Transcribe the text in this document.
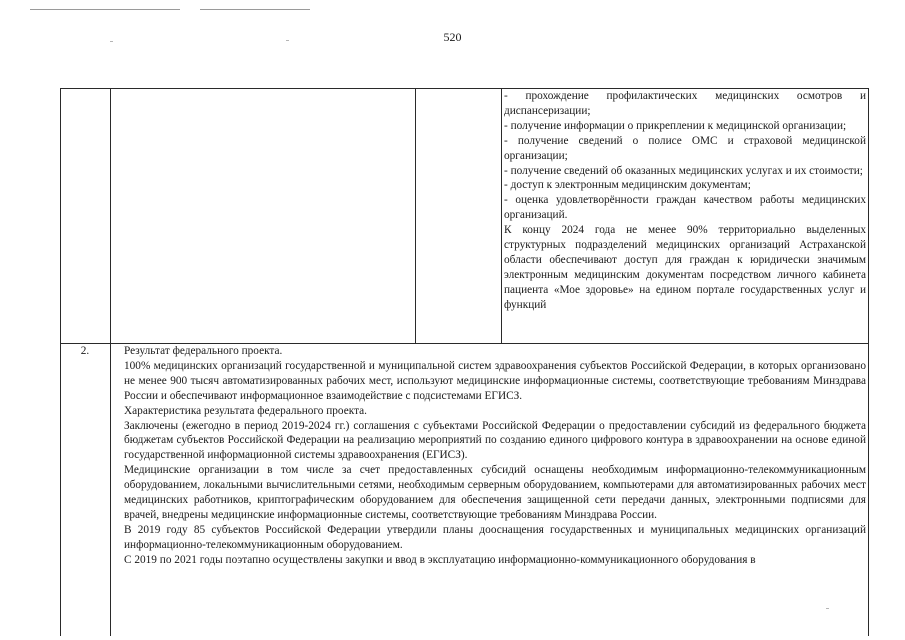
520

- прохождение профилактических медицинских осмотров и диспансеризации;

- получение информации о прикреплении к медицинской организации;

- получение сведений о полисе ОМС и страховой медицинской организации;

- получение сведений об оказанных медицинских услугах и их стоимости;

- доступ к электронным медицинским документам;

- оценка удовлетворённости граждан качеством работы медицинских организаций.

К концу 2024 года не менее 90% территориально выделенных структурных подразделений медицинских организаций Астраханской области обеспечивают доступ для граждан к юридически значимым электронным медицинским документам посредством личного кабинета пациента «Мое здоровье» на едином портале государственных услуг и функций

2.	Результат федерального проекта.

100% медицинских организаций государственной и муниципальной систем здравоохранения субъектов Российской Федерации, в которых организовано не менее 900 тысяч автоматизированных рабочих мест, используют медицинские информационные системы, соответствующие требованиям Минздрава России и обеспечивают информационное взаимодействие с подсистемами ЕГИСЗ.

Характеристика результата федерального проекта.

Заключены (ежегодно в период 2019-2024 гг.) соглашения с субъектами Российской Федерации о предоставлении субсидий из федерального бюджета бюджетам субъектов Российской Федерации на реализацию мероприятий по созданию единого цифрового контура в здравоохранении на основе единой государственной информационной системы здравоохранения (ЕГИСЗ).

Медицинские организации в том числе за счет предоставленных субсидий оснащены необходимым информационно-телекоммуникационным оборудованием, локальными вычислительными сетями, необходимым серверным оборудованием, компьютерами для автоматизированных рабочих мест медицинских работников, криптографическим оборудованием для обеспечения защищенной сети передачи данных, электронными подписями для врачей, внедрены медицинские информационные системы, соответствующие требованиям Минздрава России.

В 2019 году 85 субъектов Российской Федерации утвердили планы дооснащения государственных и муниципальных медицинских организаций информационно-телекоммуникационным оборудованием.

С 2019 по 2021 годы поэтапно осуществлены закупки и ввод в эксплуатацию информационно-коммуникационного оборудования в
